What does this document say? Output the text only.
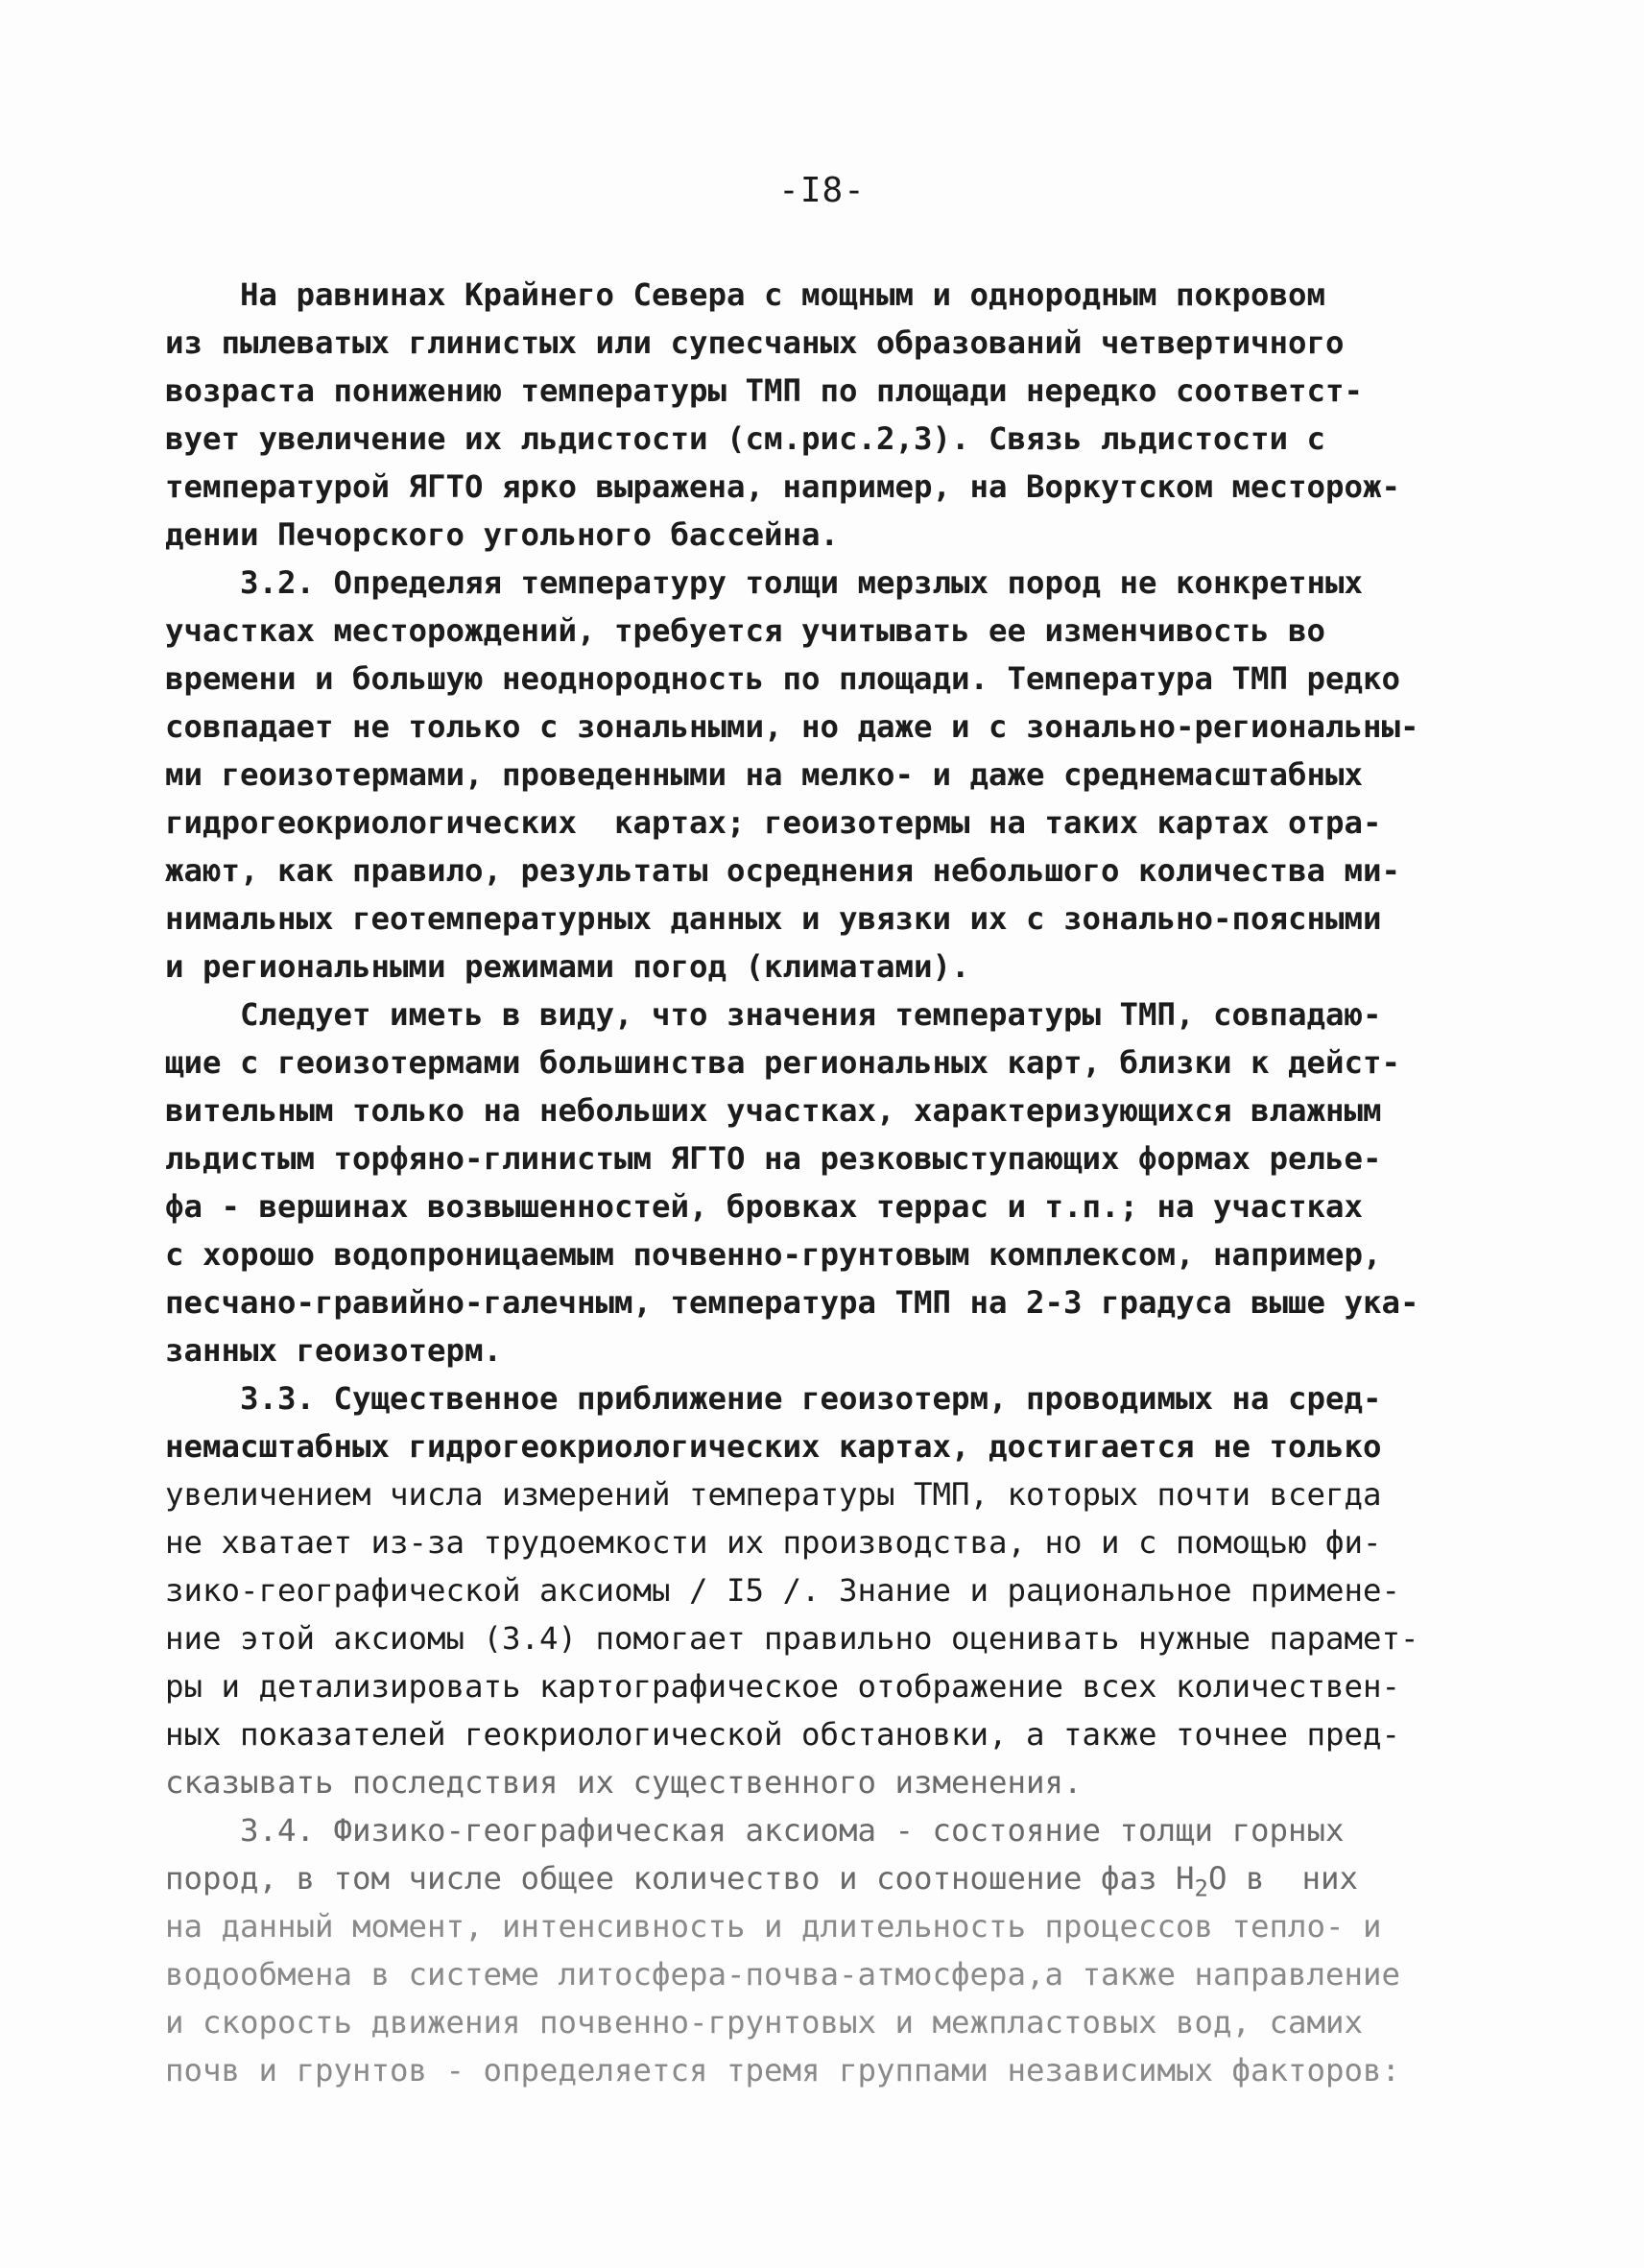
-I8-
На равнинах Крайнего Севера с мощным и однородным покровом
из пылеватых глинистых или супесчаных образований четвертичного
возраста понижению температуры ТМП по площади нередко соответст-
вует увеличение их льдистости (см.рис.2,3). Связь льдистости с
температурой ЯГТО ярко выражена, например, на Воркутском месторож-
дении Печорского угольного бассейна.
3.2. Определяя температуру толщи мерзлых пород не конкретных
участках месторождений, требуется учитывать ее изменчивость во
времени и большую неоднородность по площади. Температура ТМП редко
совпадает не только с зональными, но даже и с зонально-региональны-
ми геоизотермами, проведенными на мелко- и даже среднемасштабных
гидрогеокриологических  картах; геоизотермы на таких картах отра-
жают, как правило, результаты осреднения небольшого количества ми-
нимальных геотемпературных данных и увязки их с зонально-поясными
и региональными режимами погод (климатами).
Следует иметь в виду, что значения температуры ТМП, совпадаю-
щие с геоизотермами большинства региональных карт, близки к дейст-
вительным только на небольших участках, характеризующихся влажным
льдистым торфяно-глинистым ЯГТО на резковыступающих формах релье-
фа - вершинах возвышенностей, бровках террас и т.п.; на участках
с хорошо водопроницаемым почвенно-грунтовым комплексом, например,
песчано-гравийно-галечным, температура ТМП на 2-3 градуса выше ука-
занных геоизотерм.
3.3. Существенное приближение геоизотерм, проводимых на сред-
немасштабных гидрогеокриологических картах, достигается не только
увеличением числа измерений температуры ТМП, которых почти всегда
не хватает из-за трудоемкости их производства, но и с помощью фи-
зико-географической аксиомы / I5 /. Знание и рациональное примене-
ние этой аксиомы (3.4) помогает правильно оценивать нужные парамет-
ры и детализировать картографическое отображение всех количествен-
ных показателей геокриологической обстановки, а также точнее пред-
сказывать последствия их существенного изменения.
3.4. Физико-географическая аксиома - состояние толщи горных
пород, в том числе общее количество и соотношение фаз $H_2O$ в  них
на данный момент, интенсивность и длительность процессов тепло- и
водообмена в системе литосфера-почва-атмосфера,а также направление
и скорость движения почвенно-грунтовых и межпластовых вод, самих
почв и грунтов - определяется тремя группами независимых факторов:
